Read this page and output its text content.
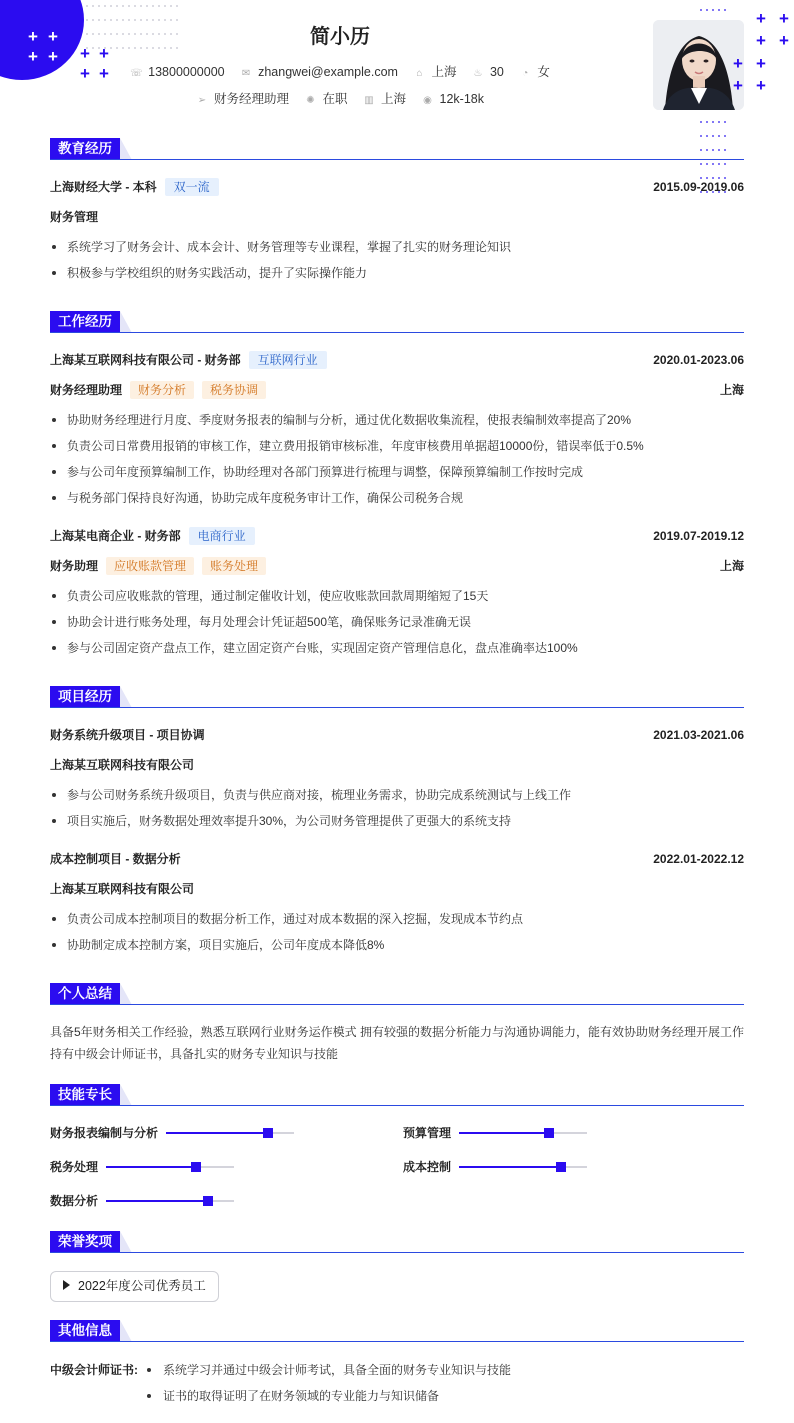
+ +
+ + + +
+ +
简小历
☏ 13800000000 ✉ zhangwei@example.com ⌂ 上海 ♨ 30 ◔ 女
➢ 财务经理助理 ✺ 在职 ▥ 上海 ◉ 12k-18k
+ +
+ +
+ +
+ +
教育经历
上海财经大学 - 本科 双一流	2015.09-2019.06
财务管理
系统学习了财务会计、成本会计、财务管理等专业课程，掌握了扎实的财务理论知识
积极参与学校组织的财务实践活动，提升了实际操作能力
工作经历
上海某互联网科技有限公司 - 财务部 互联网行业	2020.01-2023.06
财务经理助理 财务分析 税务协调	上海
协助财务经理进行月度、季度财务报表的编制与分析，通过优化数据收集流程，使报表编制效率提高了20%
负责公司日常费用报销的审核工作，建立费用报销审核标准，年度审核费用单据超10000份，错误率低于0.5%
参与公司年度预算编制工作，协助经理对各部门预算进行梳理与调整，保障预算编制工作按时完成
与税务部门保持良好沟通，协助完成年度税务审计工作，确保公司税务合规
上海某电商企业 - 财务部 电商行业	2019.07-2019.12
财务助理 应收账款管理 账务处理	上海
负责公司应收账款的管理，通过制定催收计划，使应收账款回款周期缩短了15天
协助会计进行账务处理，每月处理会计凭证超500笔，确保账务记录准确无误
参与公司固定资产盘点工作，建立固定资产台账，实现固定资产管理信息化，盘点准确率达100%
项目经历
财务系统升级项目 - 项目协调	2021.03-2021.06
上海某互联网科技有限公司
参与公司财务系统升级项目，负责与供应商对接，梳理业务需求，协助完成系统测试与上线工作
项目实施后，财务数据处理效率提升30%，为公司财务管理提供了更强大的系统支持
成本控制项目 - 数据分析	2022.01-2022.12
上海某互联网科技有限公司
负责公司成本控制项目的数据分析工作，通过对成本数据的深入挖掘，发现成本节约点
协助制定成本控制方案，项目实施后，公司年度成本降低8%
个人总结
具备5年财务相关工作经验，熟悉互联网行业财务运作模式 拥有较强的数据分析能力与沟通协调能力，能有效协助财务经理开展工作 持有中级会计师证书，具备扎实的财务专业知识与技能
技能专长
财务报表编制与分析	预算管理
税务处理	成本控制
数据分析
荣誉奖项
2022年度公司优秀员工
其他信息
中级会计师证书:	系统学习并通过中级会计师考试，具备全面的财务专业知识与技能
证书的取得证明了在财务领域的专业能力与知识储备
